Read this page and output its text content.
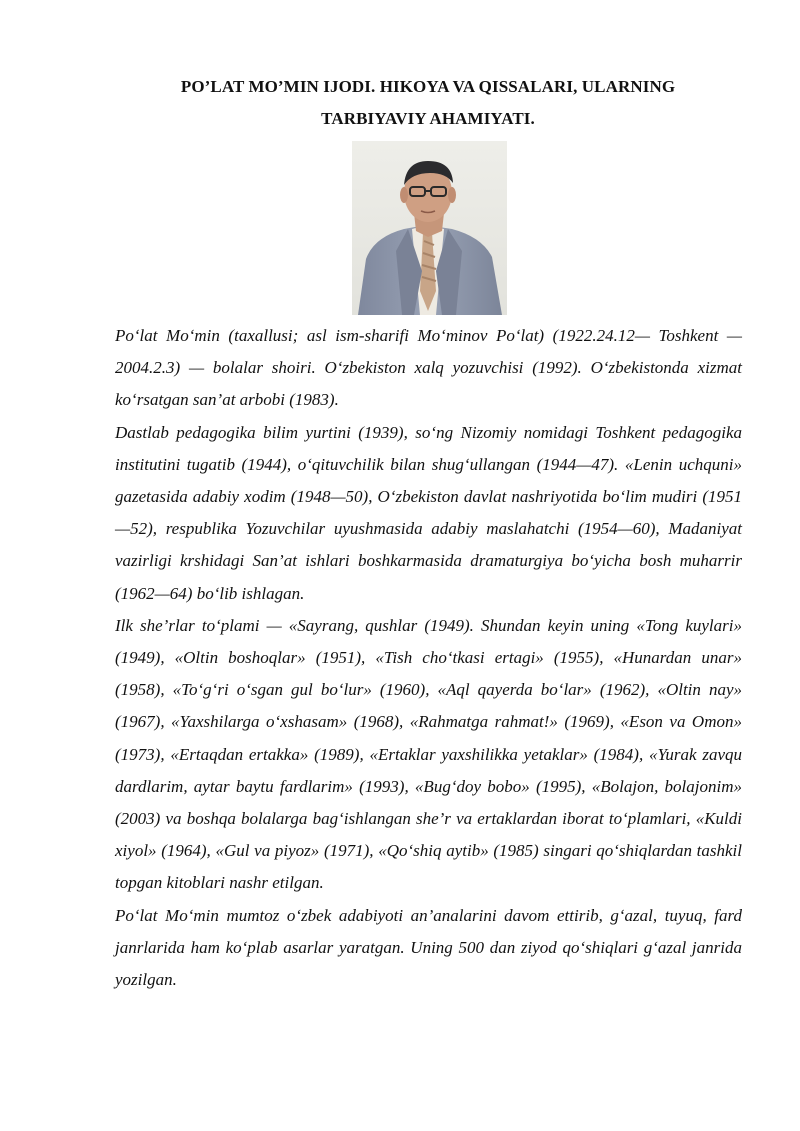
PO’LAT MO’MIN IJODI. HIKOYA VA QISSALARI, ULARNING
TARBIYAVIY AHAMIYATI.

Po‘lat Mo‘min (taxallusi; asl ism-sharifi Mo‘minov Po‘lat) (1922.24.12— Toshkent — 2004.2.3) — bolalar shoiri. O‘zbekiston xalq yozuvchisi (1992). O‘zbekistonda xizmat ko‘rsatgan san’at arbobi (1983).

Dastlab pedagogika bilim yurtini (1939), so‘ng Nizomiy nomidagi Toshkent pedagogika institutini tugatib (1944), o‘qituvchilik bilan shug‘ullangan (1944—47). «Lenin uchquni» gazetasida adabiy xodim (1948—50), O‘zbekiston davlat nashriyotida bo‘lim mudiri (1951—52), respublika Yozuvchilar uyushmasida adabiy maslahatchi (1954—60), Madaniyat vazirligi krshidagi San’at ishlari boshkarmasida dramaturgiya bo‘yicha bosh muharrir (1962—64) bo‘lib ishlagan.

Ilk she’rlar to‘plami — «Sayrang, qushlar (1949). Shundan keyin uning «Tong kuylari» (1949), «Oltin boshoqlar» (1951), «Tish cho‘tkasi ertagi» (1955), «Hunardan unar» (1958), «To‘g‘ri o‘sgan gul bo‘lur» (1960), «Aql qayerda bo‘lar» (1962), «Oltin nay» (1967), «Yaxshilarga o‘xshasam» (1968), «Rahmatga rahmat!» (1969), «Eson va Omon» (1973), «Ertaqdan ertakka» (1989), «Ertaklar yaxshilikka yetaklar» (1984), «Yurak zavqu dardlarim, aytar baytu fardlarim» (1993), «Bug‘doy bobo» (1995), «Bolajon, bolajonim» (2003) va boshqa bolalarga bag‘ishlangan she’r va ertaklardan iborat to‘plamlari, «Kuldi xiyol» (1964), «Gul va piyoz» (1971), «Qo‘shiq aytib» (1985) singari qo‘shiqlardan tashkil topgan kitoblari nashr etilgan.

Po‘lat Mo‘min mumtoz o‘zbek adabiyoti an’analarini davom ettirib, g‘azal, tuyuq, fard janrlarida ham ko‘plab asarlar yaratgan. Uning 500 dan ziyod qo‘shiqlari g‘azal janrida yozilgan.
